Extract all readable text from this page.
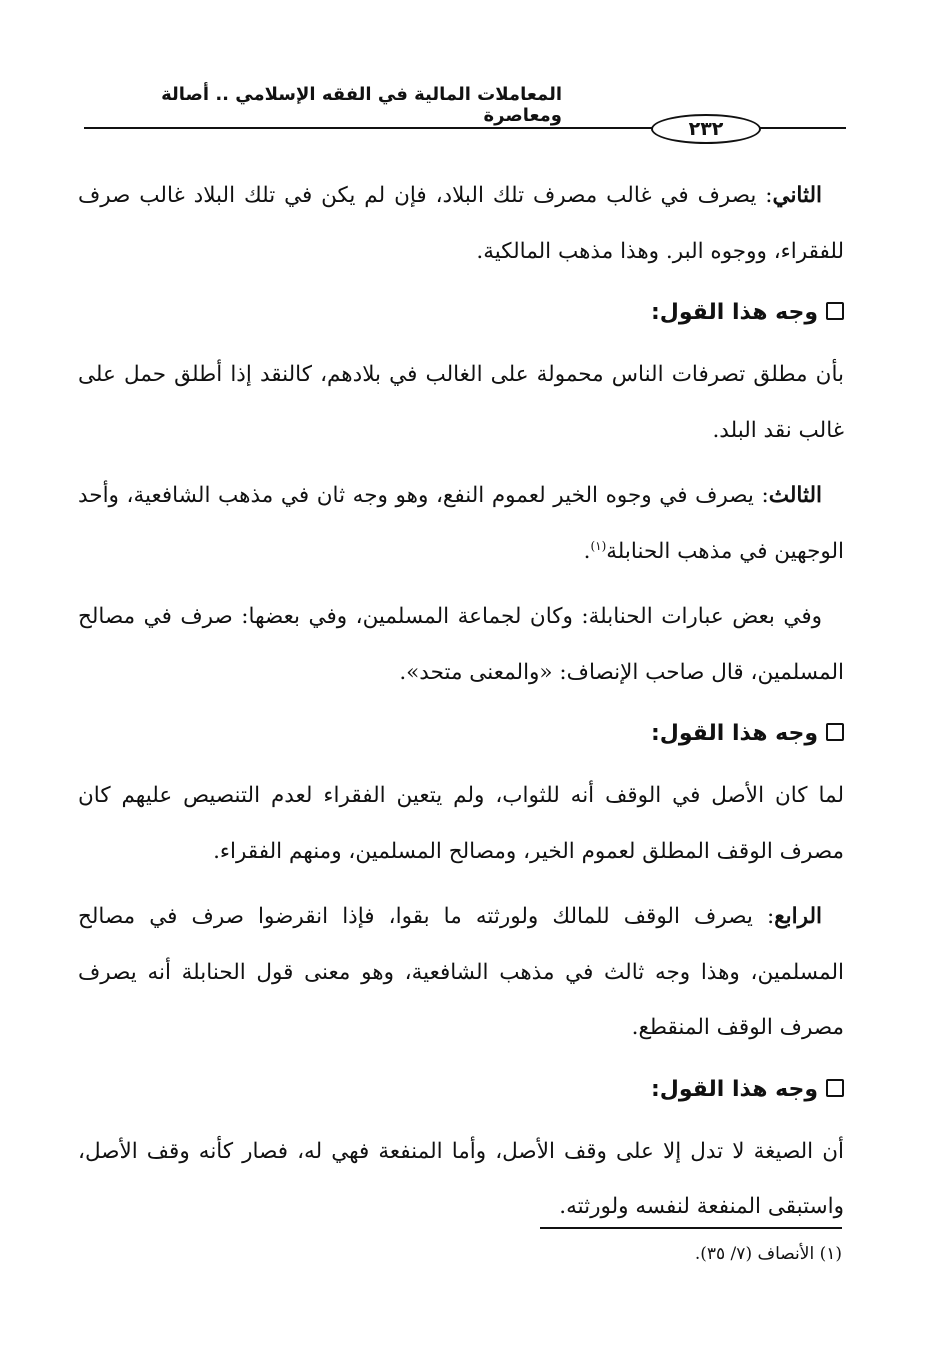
المعاملات المالية في الفقه الإسلامي .. أصالة ومعاصرة
٢٣٢

الثاني: يصرف في غالب مصرف تلك البلاد، فإن لم يكن في تلك البلاد غالب صرف للفقراء، ووجوه البر. وهذا مذهب المالكية.

وجه هذا القول:

بأن مطلق تصرفات الناس محمولة على الغالب في بلادهم، كالنقد إذا أطلق حمل على غالب نقد البلد.

الثالث: يصرف في وجوه الخير لعموم النفع، وهو وجه ثان في مذهب الشافعية، وأحد الوجهين في مذهب الحنابلة$^{(١)}$.

وفي بعض عبارات الحنابلة: وكان لجماعة المسلمين، وفي بعضها: صرف في مصالح المسلمين، قال صاحب الإنصاف: «والمعنى متحد».

وجه هذا القول:

لما كان الأصل في الوقف أنه للثواب، ولم يتعين الفقراء لعدم التنصيص عليهم كان مصرف الوقف المطلق لعموم الخير، ومصالح المسلمين، ومنهم الفقراء.

الرابع: يصرف الوقف للمالك ولورثته ما بقوا، فإذا انقرضوا صرف في مصالح المسلمين، وهذا وجه ثالث في مذهب الشافعية، وهو معنى قول الحنابلة أنه يصرف مصرف الوقف المنقطع.

وجه هذا القول:

أن الصيغة لا تدل إلا على وقف الأصل، وأما المنفعة فهي له، فصار كأنه وقف الأصل، واستبقى المنفعة لنفسه ولورثته.

(١) الأنصاف (٧/ ٣٥).
